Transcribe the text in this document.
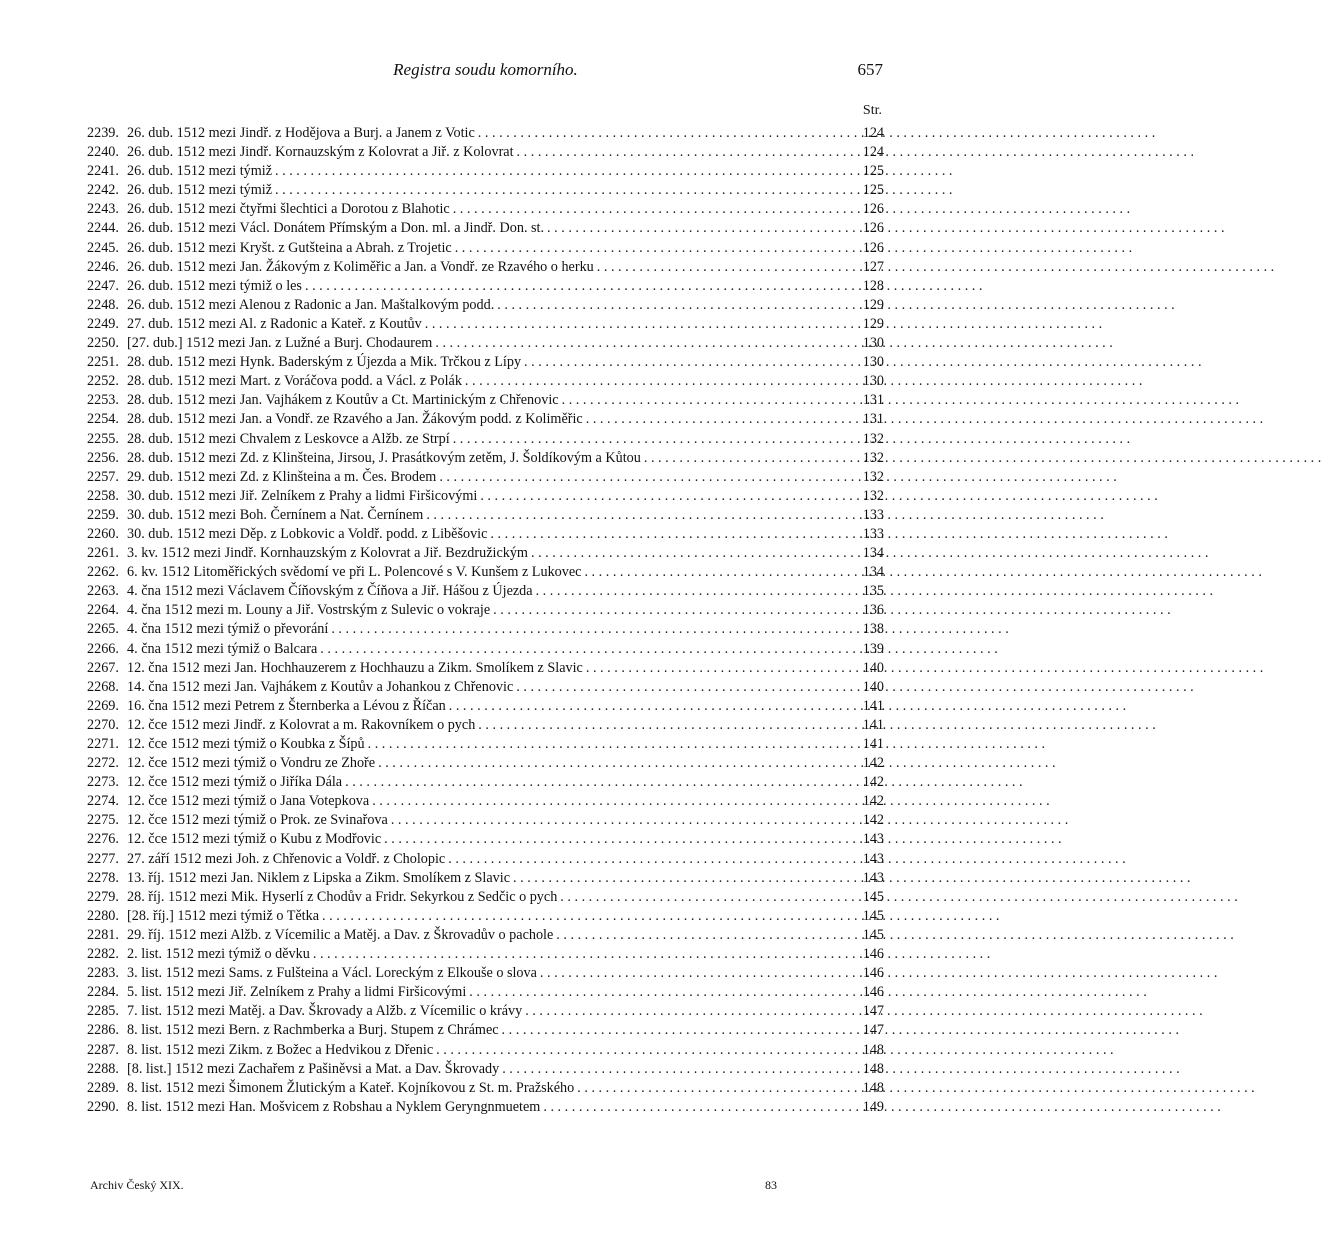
Registra soudu komorního.	657
Str.
2239. 26. dub. 1512 mezi Jindř. z Hodějova a Burj. a Janem z Votic . . .	124
2240. 26. dub. 1512 mezi Jindř. Kornauzským z Kolovrat a Jiř. z Kolovrat . . .	124
2241. 26. dub. 1512 mezi týmiž . . .	125
2242. 26. dub. 1512 mezi týmiž . . .	125
2243. 26. dub. 1512 mezi čtyřmi šlechtici a Dorotou z Blahotic . . .	126
2244. 26. dub. 1512 mezi Václ. Donátem Přímským a Don. ml. a Jindř. Don. st. . . .	126
2245. 26. dub. 1512 mezi Kryšt. z Gutšteina a Abrah. z Trojetic . . .	126
2246. 26. dub. 1512 mezi Jan. Žákovým z Koliměřic a Jan. a Vondř. ze Rzavého o herku . . .	127
2247. 26. dub. 1512 mezi týmiž o les . . .	128
2248. 26. dub. 1512 mezi Alenou z Radonic a Jan. Maštalkovým podd. . . .	129
2249. 27. dub. 1512 mezi Al. z Radonic a Kateř. z Koutův . . .	129
2250. [27. dub.] 1512 mezi Jan. z Lužné a Burj. Chodaurem . . .	130
2251. 28. dub. 1512 mezi Hynk. Baderským z Újezda a Mik. Trčkou z Lípy . . .	130
2252. 28. dub. 1512 mezi Mart. z Voráčova podd. a Václ. z Polák . . .	130
2253. 28. dub. 1512 mezi Jan. Vajhákem z Koutův a Ct. Martinickým z Chřenovic . . .	131
2254. 28. dub. 1512 mezi Jan. a Vondř. ze Rzavého a Jan. Žákovým podd. z Koliměřic . . .	131
2255. 28. dub. 1512 mezi Chvalem z Leskovce a Alžb. ze Strpí . . .	132
2256. 28. dub. 1512 mezi Zd. z Klinšteina, Jirsou, J. Prasátkovým zetěm, J. Šoldíkovým a Kůtou . . .	132
2257. 29. dub. 1512 mezi Zd. z Klinšteina a m. Čes. Brodem . . .	132
2258. 30. dub. 1512 mezi Jiř. Zelníkem z Prahy a lidmi Firšicovými . . .	132
2259. 30. dub. 1512 mezi Boh. Černínem a Nat. Černínem . . .	133
2260. 30. dub. 1512 mezi Děp. z Lobkovic a Voldř. podd. z Liběšovic . . .	133
2261. 3. kv. 1512 mezi Jindř. Kornhauzským z Kolovrat a Jiř. Bezdružickým . . .	134
2262. 6. kv. 1512 Litoměřických svědomí ve při L. Polencové s V. Kunšem z Lukovec . . .	134
2263. 4. čna 1512 mezi Václavem Číňovským z Číňova a Jiř. Hášou z Újezda . . .	135
2264. 4. čna 1512 mezi m. Louny a Jiř. Vostrským z Sulevic o vokraje . . .	136
2265. 4. čna 1512 mezi týmiž o převorání . . .	138
2266. 4. čna 1512 mezi týmiž o Balcara . . .	139
2267. 12. čna 1512 mezi Jan. Hochhauzerem z Hochhauzu a Zikm. Smolíkem z Slavic . . .	140
2268. 14. čna 1512 mezi Jan. Vajhákem z Koutův a Johankou z Chřenovic . . .	140
2269. 16. čna 1512 mezi Petrem z Šternberka a Lévou z Říčan . . .	141
2270. 12. čce 1512 mezi Jindř. z Kolovrat a m. Rakovníkem o pych . . .	141
2271. 12. čce 1512 mezi týmiž o Koubka z Šípů . . .	141
2272. 12. čce 1512 mezi týmiž o Vondru ze Zhoře . . .	142
2273. 12. čce 1512 mezi týmiž o Jiříka Dála . . .	142
2274. 12. čce 1512 mezi týmiž o Jana Votepkova . . .	142
2275. 12. čce 1512 mezi týmiž o Prok. ze Svinařova . . .	142
2276. 12. čce 1512 mezi týmiž o Kubu z Modřovic . . .	143
2277. 27. září 1512 mezi Joh. z Chřenovic a Voldř. z Cholopic . . .	143
2278. 13. říj. 1512 mezi Jan. Niklem z Lipska a Zikm. Smolíkem z Slavic . . .	143
2279. 28. říj. 1512 mezi Mik. Hyserlí z Chodův a Fridr. Sekyrkou z Sedčic o pych . . .	145
2280. [28. říj.] 1512 mezi týmiž o Tětka . . .	145
2281. 29. říj. 1512 mezi Alžb. z Vícemilic a Matěj. a Dav. z Škrovadův o pachole . . .	145
2282. 2. list. 1512 mezi týmiž o děvku . . .	146
2283. 3. list. 1512 mezi Sams. z Fulšteina a Václ. Loreckým z Elkouše o slova . . .	146
2284. 5. list. 1512 mezi Jiř. Zelníkem z Prahy a lidmi Firšicovými . . .	146
2285. 7. list. 1512 mezi Matěj. a Dav. Škrovady a Alžb. z Vícemilic o krávy . . .	147
2286. 8. list. 1512 mezi Bern. z Rachmberka a Burj. Stupem z Chrámec . . .	147
2287. 8. list. 1512 mezi Zikm. z Božec a Hedvikou z Dřenic . . .	148
2288. [8. list.] 1512 mezi Zachařem z Pašiněvsi a Mat. a Dav. Škrovady . . .	148
2289. 8. list. 1512 mezi Šimonem Žlutickým a Kateř. Kojníkovou z St. m. Pražského . . .	148
2290. 8. list. 1512 mezi Han. Mošvicem z Robshau a Nyklem Geryngnmuetem . . .	149
Archiv Český XIX.	83
